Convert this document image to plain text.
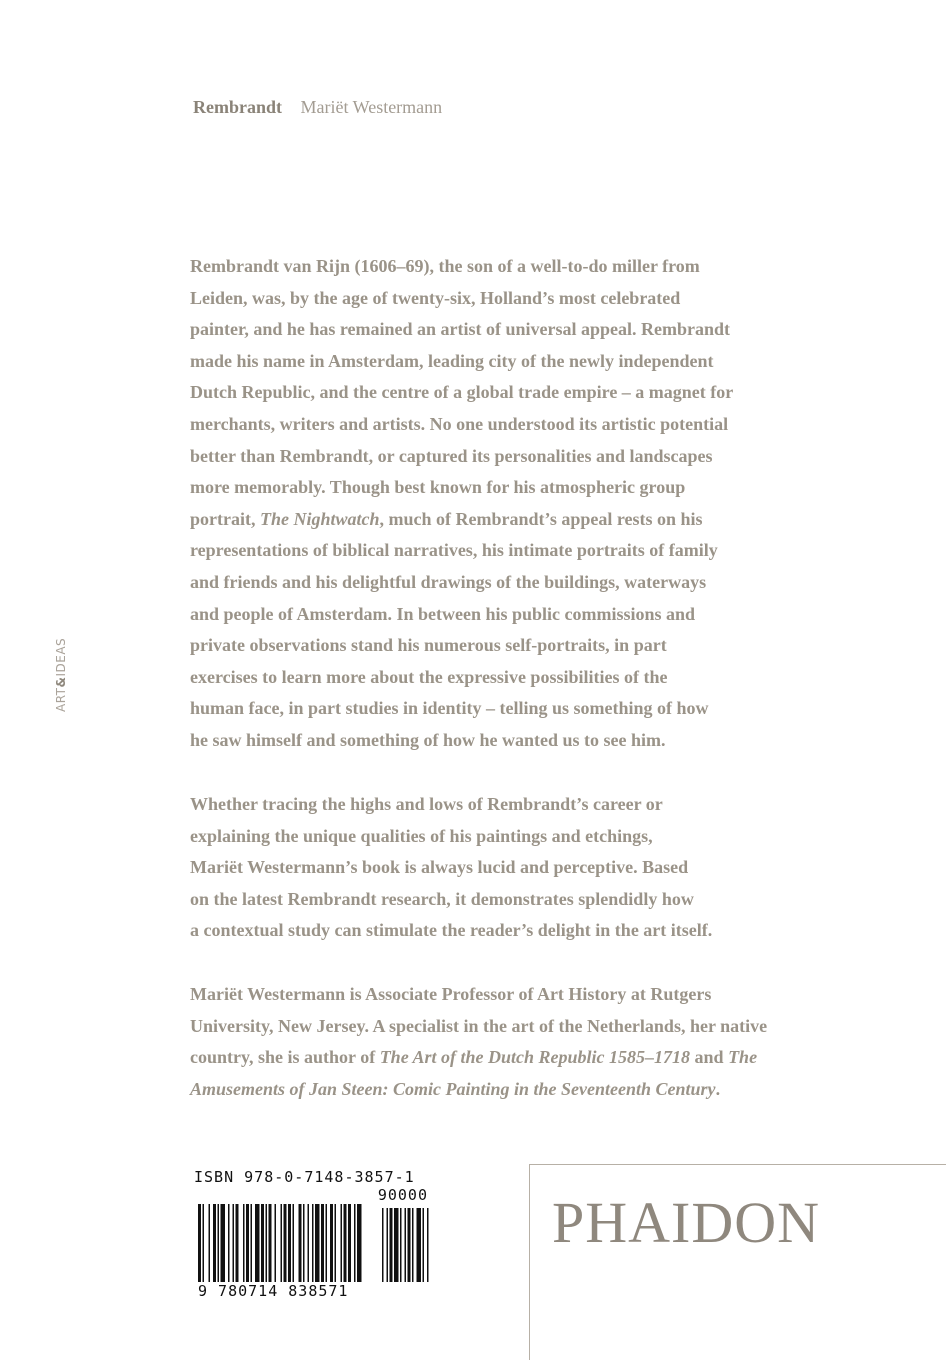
Rembrandt Mariët Westermann
ART&IDEAS

Rembrandt van Rijn (1606–69), the son of a well-to-do miller from
Leiden, was, by the age of twenty-six, Holland’s most celebrated
painter, and he has remained an artist of universal appeal. Rembrandt
made his name in Amsterdam, leading city of the newly independent
Dutch Republic, and the centre of a global trade empire – a magnet for
merchants, writers and artists. No one understood its artistic potential
better than Rembrandt, or captured its personalities and landscapes
more memorably. Though best known for his atmospheric group
portrait, The Nightwatch, much of Rembrandt’s appeal rests on his
representations of biblical narratives, his intimate portraits of family
and friends and his delightful drawings of the buildings, waterways
and people of Amsterdam. In between his public commissions and
private observations stand his numerous self-portraits, in part
exercises to learn more about the expressive possibilities of the
human face, in part studies in identity – telling us something of how
he saw himself and something of how he wanted us to see him.

Whether tracing the highs and lows of Rembrandt’s career or
explaining the unique qualities of his paintings and etchings,
Mariët Westermann’s book is always lucid and perceptive. Based
on the latest Rembrandt research, it demonstrates splendidly how
a contextual study can stimulate the reader’s delight in the art itself.

Mariët Westermann is Associate Professor of Art History at Rutgers
University, New Jersey. A specialist in the art of the Netherlands, her native
country, she is author of The Art of the Dutch Republic 1585–1718 and The
Amusements of Jan Steen: Comic Painting in the Seventeenth Century.

ISBN 978-0-7148-3857-1
90000
9 780714 838571
PHAIDON
